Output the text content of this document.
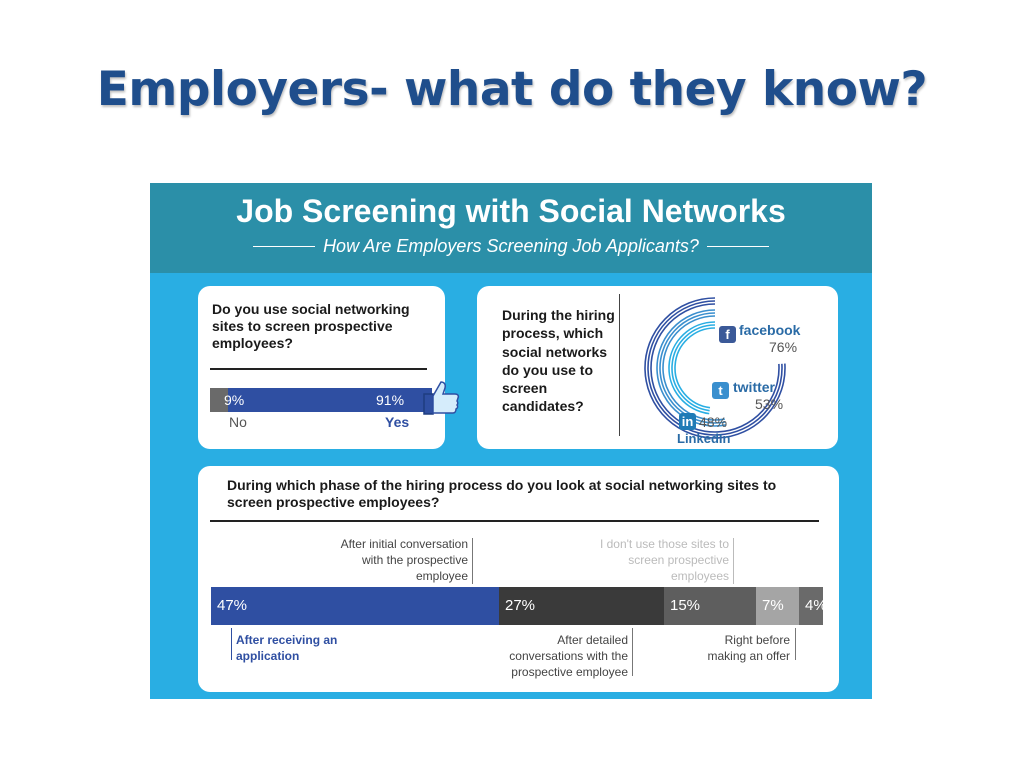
Employers- what do they know?
Job Screening with Social Networks
How Are Employers Screening Job Applicants?
Do you use social networking sites to screen prospective employees?
9%	91%
No	Yes
During the hiring process, which social networks do you use to screen candidates?
f facebook
76%
t twitter
53%
in 48%
LinkedIn
During which phase of the hiring process do you look at social networking sites to screen prospective employees?
After initial conversation with the prospective employee
I don't use those sites to screen prospective employees
47%	27%	15%	7% 4%
After receiving an application
After detailed conversations with the prospective employee
Right before making an offer
